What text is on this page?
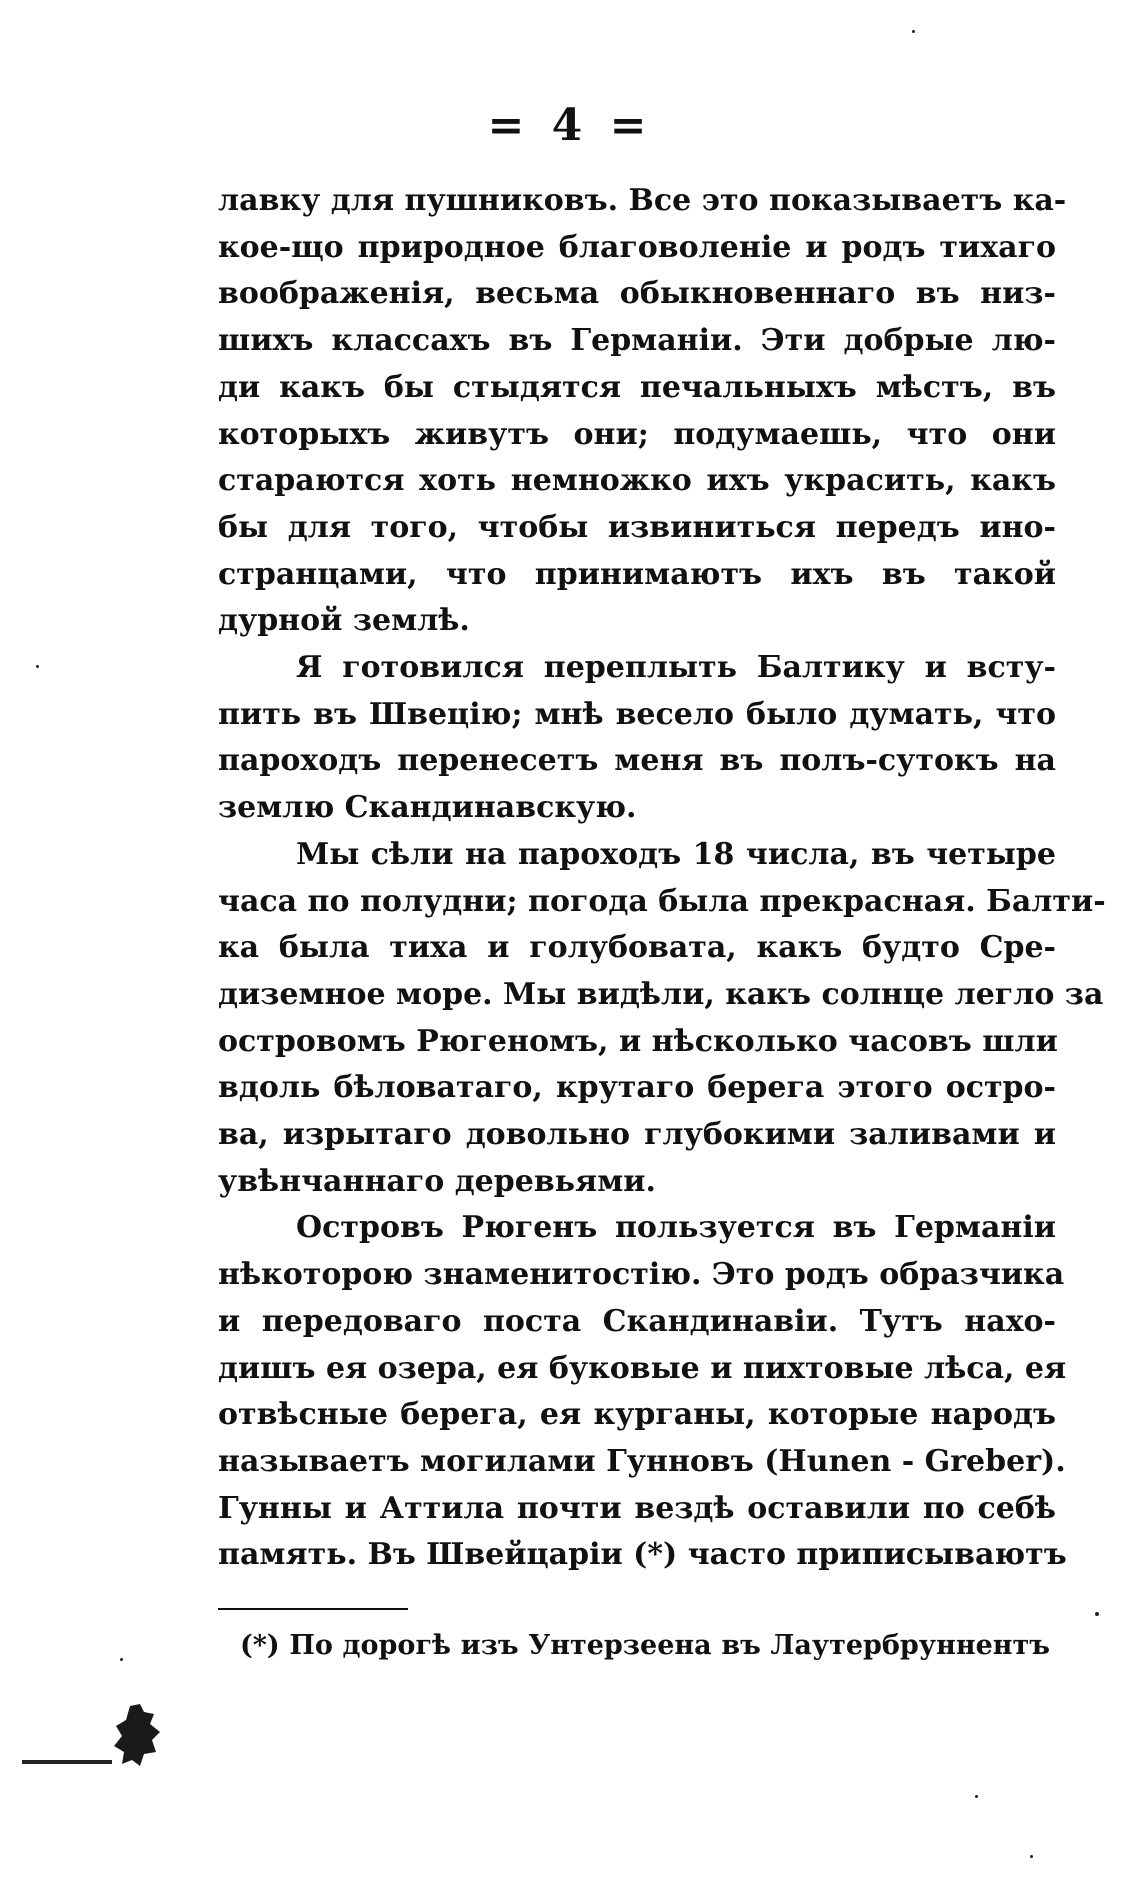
= 4 =
лавку для пушниковъ. Все это показываетъ ка-
кое-що природное благоволеніе и родъ тихаго
воображенія, весьма обыкновеннаго въ низ-
шихъ классахъ въ Германіи. Эти добрые лю-
ди какъ бы стыдятся печальныхъ мѣстъ, въ
которыхъ живутъ они; подумаешь, что они
стараются хоть немножко ихъ украсить, какъ
бы для того, чтобы извиниться передъ ино-
странцами, что принимаютъ ихъ въ такой
дурной землѣ.
Я готовился переплыть Балтику и всту-
пить въ Швецію; мнѣ весело было думать, что
пароходъ перенесетъ меня въ полъ-сутокъ на
землю Скандинавскую.
Мы сѣли на пароходъ 18 числа, въ четыре
часа по полудни; погода была прекрасная. Балти-
ка была тиха и голубовата, какъ будто Сре-
диземное море. Мы видѣли, какъ солнце легло за
островомъ Рюгеномъ, и нѣсколько часовъ шли
вдоль бѣловатаго, крутаго берега этого остро-
ва, изрытаго довольно глубокими заливами и
увѣнчаннаго деревьями.
Островъ Рюгенъ пользуется въ Германіи
нѣкоторою знаменитостію. Это родъ образчика
и передоваго поста Скандинавіи. Тутъ нахо-
дишъ ея озера, ея буковые и пихтовые лѣса, ея
отвѣсные берега, ея курганы, которые народъ
называетъ могилами Гунновъ (Hunen - Greber).
Гунны и Аттила почти вездѣ оставили по себѣ
память. Въ Швейцаріи (*) часто приписываютъ
(*) По дорогѣ изъ Унтерзеена въ Лаутербруннентъ
